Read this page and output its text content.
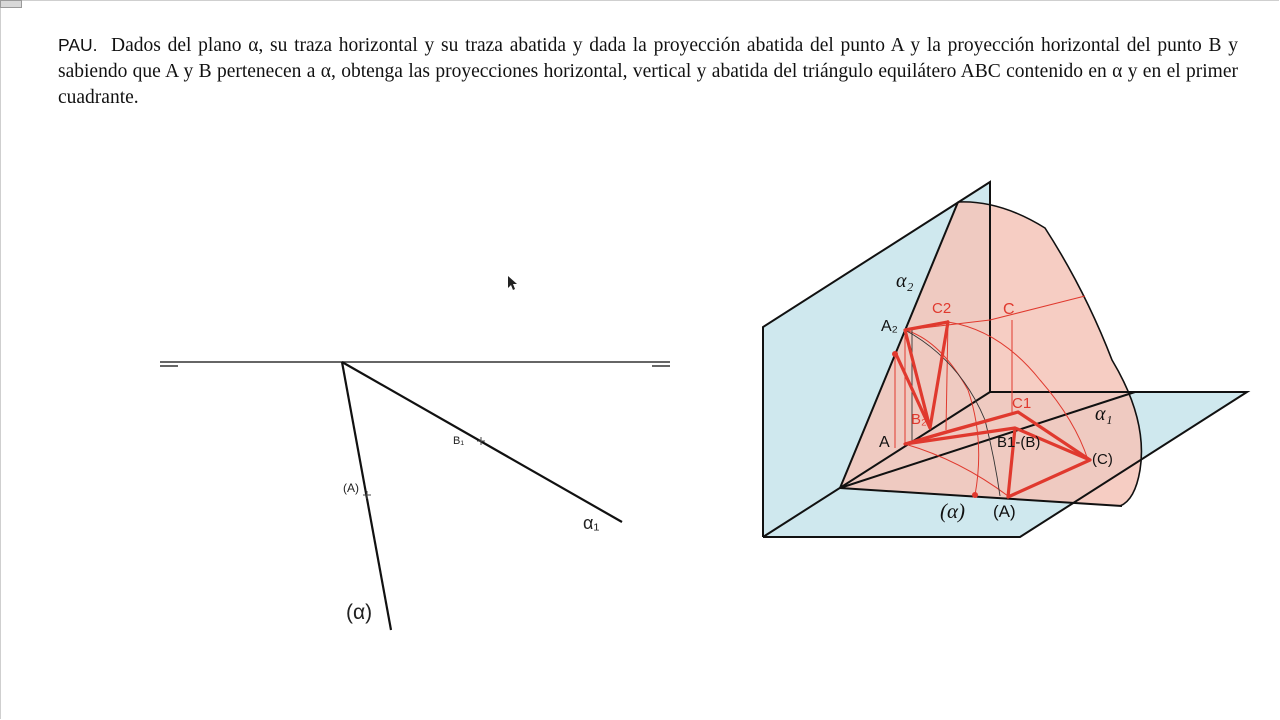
PAU. Dados del plano α, su traza horizontal y su traza abatida y dada la proyección abatida del punto A y la proyección horizontal del punto B y sabiendo que A y B pertenecen a α, obtenga las proyecciones horizontal, vertical y abatida del triángulo equilátero ABC contenido en α y en el primer cuadrante.
(A)
B₁
α₁
(α)
α₂
A₂
C2	C
C1	α₁
B₂
A	B1-(B)
(C)
(α) (A)
